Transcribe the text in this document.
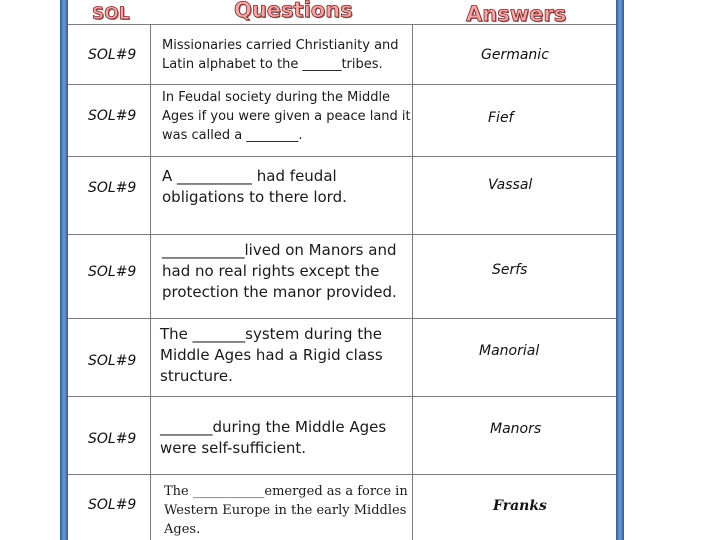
SOL	Questions	Answers
SOL#9
Missionaries carried Christianity and Latin alphabet to the ______tribes.
Germanic
SOL#9
In Feudal society during the Middle Ages if you were given a peace land it was called a ________.
Fief
SOL#9
A __________ had feudal obligations to there lord.
Vassal
SOL#9
___________lived on Manors and had no real rights except the protection the manor provided.
Serfs
SOL#9
The _______system during the Middle Ages had a Rigid class structure.
Manorial
SOL#9
_______during the Middle Ages were self-sufficient.
Manors
SOL#9
The ___________emerged as a force in Western Europe in the early Middles Ages.
Franks
